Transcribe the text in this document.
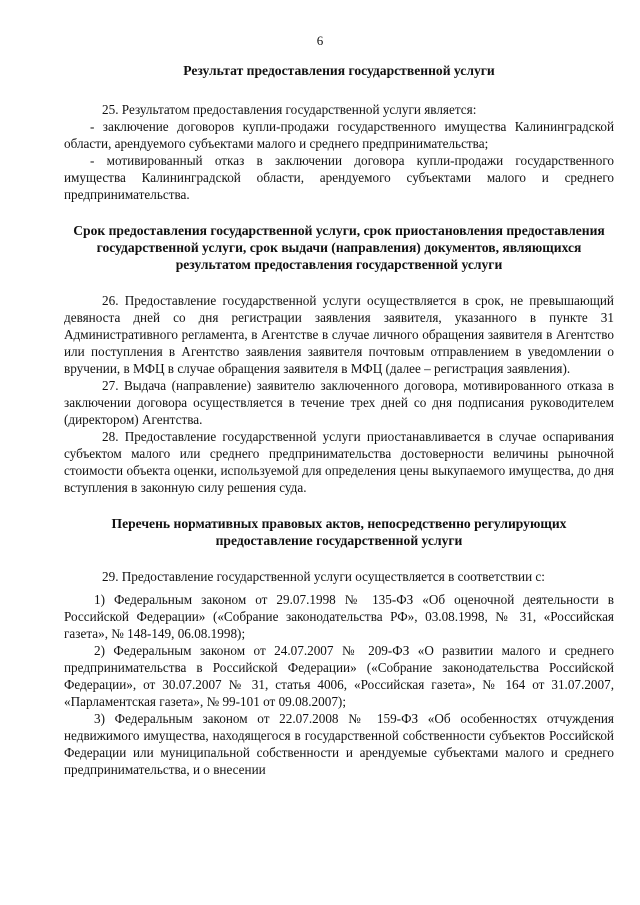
6
Результат предоставления государственной услуги

25. Результатом предоставления государственной услуги является:

- заключение договоров купли-продажи государственного имущества Калининградской области, арендуемого субъектами малого и среднего предпринимательства;

- мотивированный отказ в заключении договора купли-продажи государственного имущества Калининградской области, арендуемого субъектами малого и среднего предпринимательства.

Срок предоставления государственной услуги, срок приостановления предоставления государственной услуги, срок выдачи (направления) документов, являющихся результатом предоставления государственной услуги

26. Предоставление государственной услуги осуществляется в срок, не превышающий девяноста дней со дня регистрации заявления заявителя, указанного в пункте 31 Административного регламента, в Агентстве в случае личного обращения заявителя в Агентство или поступления в Агентство заявления заявителя почтовым отправлением в уведомлении о вручении, в МФЦ в случае обращения заявителя в МФЦ (далее – регистрация заявления).

27. Выдача (направление) заявителю заключенного договора, мотивированного отказа в заключении договора осуществляется в течение трех дней со дня подписания руководителем (директором) Агентства.

28. Предоставление государственной услуги приостанавливается в случае оспаривания субъектом малого или среднего предпринимательства достоверности величины рыночной стоимости объекта оценки, используемой для определения цены выкупаемого имущества, до дня вступления в законную силу решения суда.

Перечень нормативных правовых актов, непосредственно регулирующих предоставление государственной услуги

29. Предоставление государственной услуги осуществляется в соответствии с:

1) Федеральным законом от 29.07.1998 № 135-ФЗ «Об оценочной деятельности в Российской Федерации» («Собрание законодательства РФ», 03.08.1998, № 31, «Российская газета», № 148-149, 06.08.1998);

2) Федеральным законом от 24.07.2007 № 209-ФЗ «О развитии малого и среднего предпринимательства в Российской Федерации» («Собрание законодательства Российской Федерации», от 30.07.2007 № 31, статья 4006, «Российская газета», № 164 от 31.07.2007, «Парламентская газета», № 99-101 от 09.08.2007);

3) Федеральным законом от 22.07.2008 № 159-ФЗ «Об особенностях отчуждения недвижимого имущества, находящегося в государственной собственности субъектов Российской Федерации или муниципальной собственности и арендуемые субъектами малого и среднего предпринимательства, и о внесении
